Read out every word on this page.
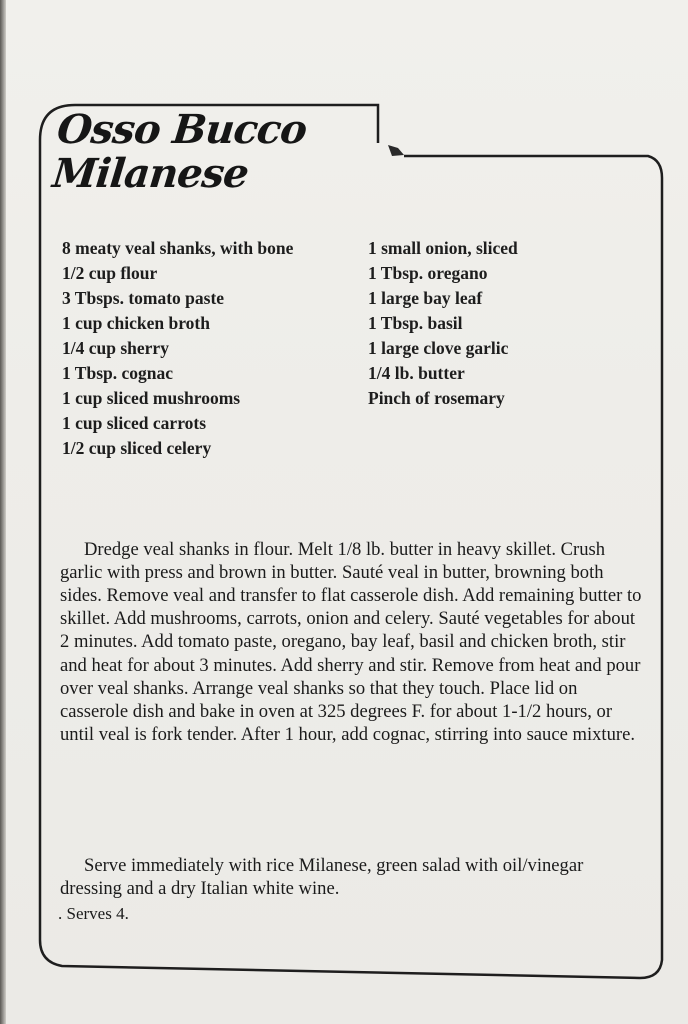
Osso Bucco
Milanese
8 meaty veal shanks, with bone
1/2 cup flour
3 Tbsps. tomato paste
1 cup chicken broth
1/4 cup sherry
1 Tbsp. cognac
1 cup sliced mushrooms
1 cup sliced carrots
1/2 cup sliced celery
1 small onion, sliced
1 Tbsp. oregano
1 large bay leaf
1 Tbsp. basil
1 large clove garlic
1/4 lb. butter
Pinch of rosemary

Dredge veal shanks in flour. Melt 1/8 lb. butter in heavy skillet. Crush garlic with press and brown in butter. Sauté veal in butter, browning both sides. Remove veal and transfer to flat casserole dish. Add remaining butter to skillet. Add mushrooms, carrots, onion and celery. Sauté vegetables for about 2 minutes. Add tomato paste, oregano, bay leaf, basil and chicken broth, stir and heat for about 3 minutes. Add sherry and stir. Remove from heat and pour over veal shanks. Arrange veal shanks so that they touch. Place lid on casserole dish and bake in oven at 325 degrees F. for about 1-1/2 hours, or until veal is fork tender. After 1 hour, add cognac, stirring into sauce mixture.

Serve immediately with rice Milanese, green salad with oil/vinegar dressing and a dry Italian white wine.

. Serves 4.
